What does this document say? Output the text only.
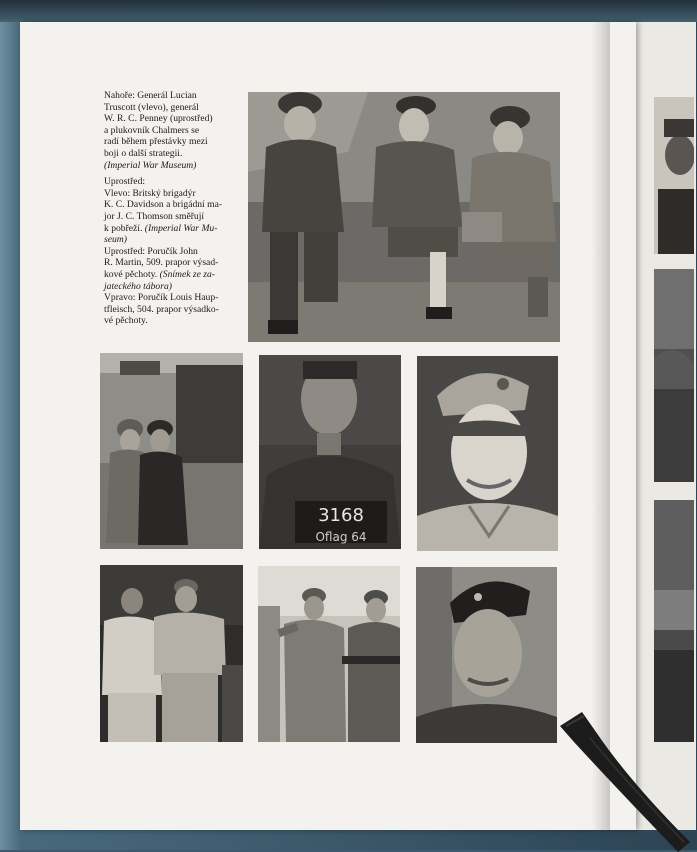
Nahoře: Generál Lucian
Truscott (vlevo), generál
W. R. C. Penney (uprostřed)
a plukovník Chalmers se
radí během přestávky mezi
boji o další strategii.
(Imperial War Museum)

Uprostřed:
Vlevo: Britský brigadýr
K. C. Davidson a brigádní ma-
jor J. C. Thomson směřují
k pobřeží. (Imperial War Mu-
seum)
Uprostřed: Poručík John
R. Martin, 509. prapor výsad-
kové pěchoty. (Snímek ze za-
jateckého tábora)
Vpravo: Poručík Louis Haup-
tfleisch, 504. prapor výsadko-
vé pěchoty.

3168
Oflag 64
